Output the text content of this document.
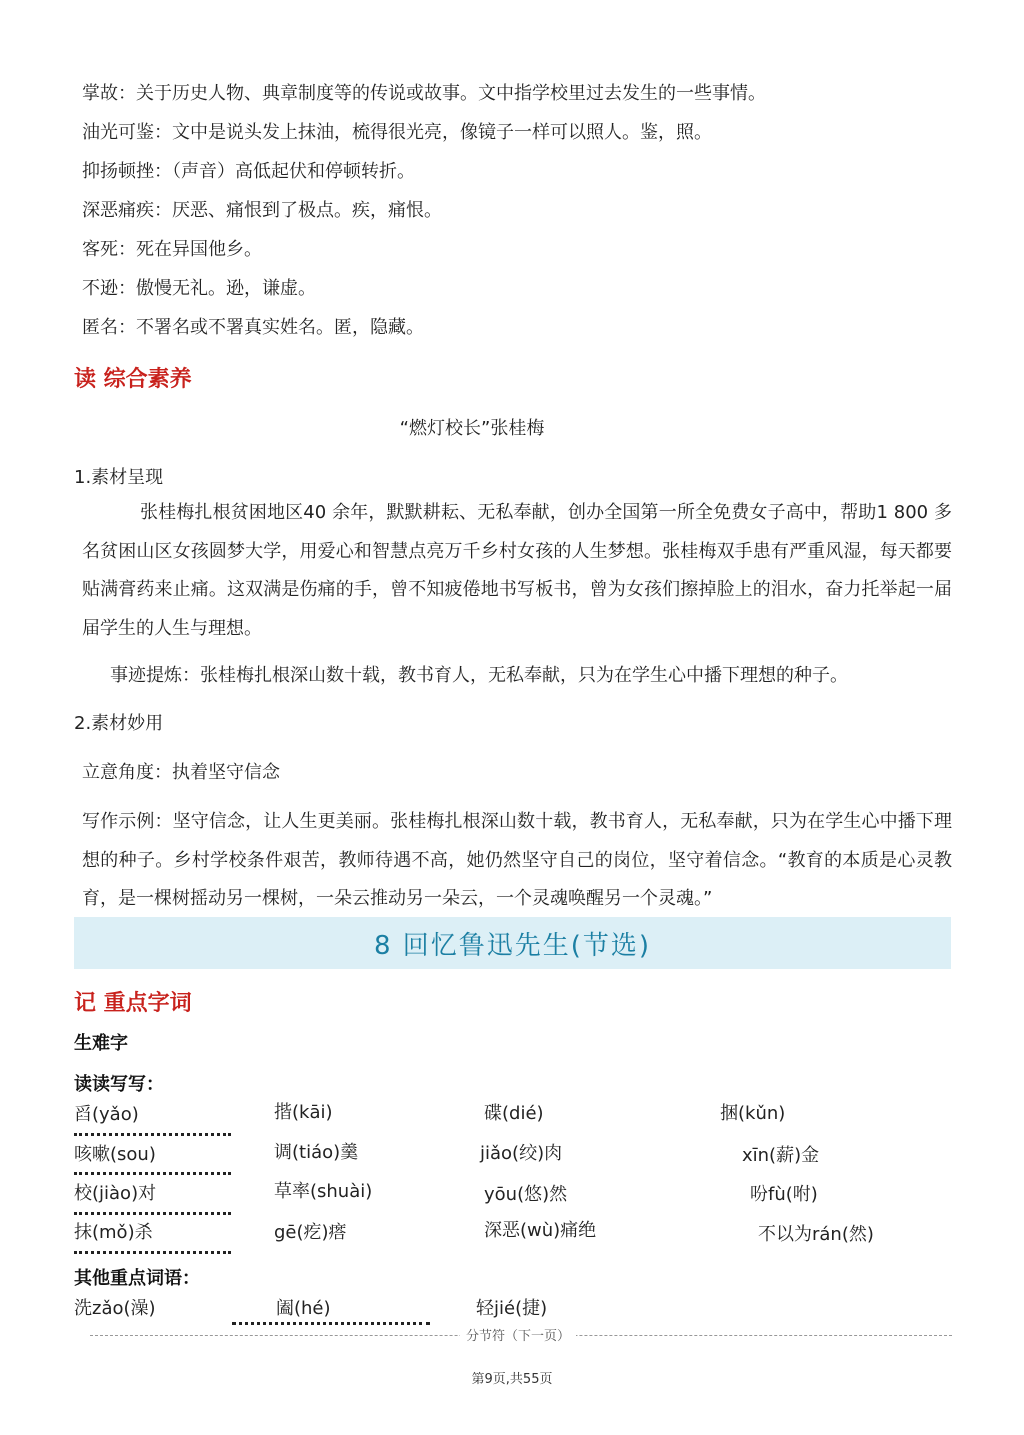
掌故：关于历史人物、典章制度等的传说或故事。文中指学校里过去发生的一些事情。
油光可鉴：文中是说头发上抹油，梳得很光亮，像镜子一样可以照人。鉴，照。
抑扬顿挫：（声音）高低起伏和停顿转折。
深恶痛疾：厌恶、痛恨到了极点。疾，痛恨。
客死：死在异国他乡。
不逊：傲慢无礼。逊，谦虚。
匿名：不署名或不署真实姓名。匿，隐藏。
读 综合素养
“燃灯校长”张桂梅
1.素材呈现
张桂梅扎根贫困地区40 余年，默默耕耘、无私奉献，创办全国第一所全免费女子高中，帮助1 800 多名贫困山区女孩圆梦大学，用爱心和智慧点亮万千乡村女孩的人生梦想。张桂梅双手患有严重风湿，每天都要贴满膏药来止痛。这双满是伤痛的手，曾不知疲倦地书写板书，曾为女孩们擦掉脸上的泪水，奋力托举起一届届学生的人生与理想。
事迹提炼：张桂梅扎根深山数十载，教书育人，无私奉献，只为在学生心中播下理想的种子。
2.素材妙用
立意角度：执着坚守信念
写作示例：坚守信念，让人生更美丽。张桂梅扎根深山数十载，教书育人，无私奉献，只为在学生心中播下理想的种子。乡村学校条件艰苦，教师待遇不高，她仍然坚守自己的岗位，坚守着信念。“教育的本质是心灵教育，是一棵树摇动另一棵树，一朵云推动另一朵云，一个灵魂唤醒另一个灵魂。”
8 回忆鲁迅先生(节选)
记 重点字词
生难字
读读写写：
舀(yǎo)	揩(kāi)	碟(dié)	捆(kǔn)
咳嗽(sou)	调(tiáo)羹	jiǎo(绞)肉	xīn(薪)金
校(jiào)对	草率(shuài)	yōu(悠)然	吩fù(咐)
抹(mǒ)杀	gē(疙)瘩	深恶(wù)痛绝	不以为rán(然)
其他重点词语：
洗zǎo(澡)	阖(hé)	轻jié(捷)
分节符（下一页）
第9页,共55页
